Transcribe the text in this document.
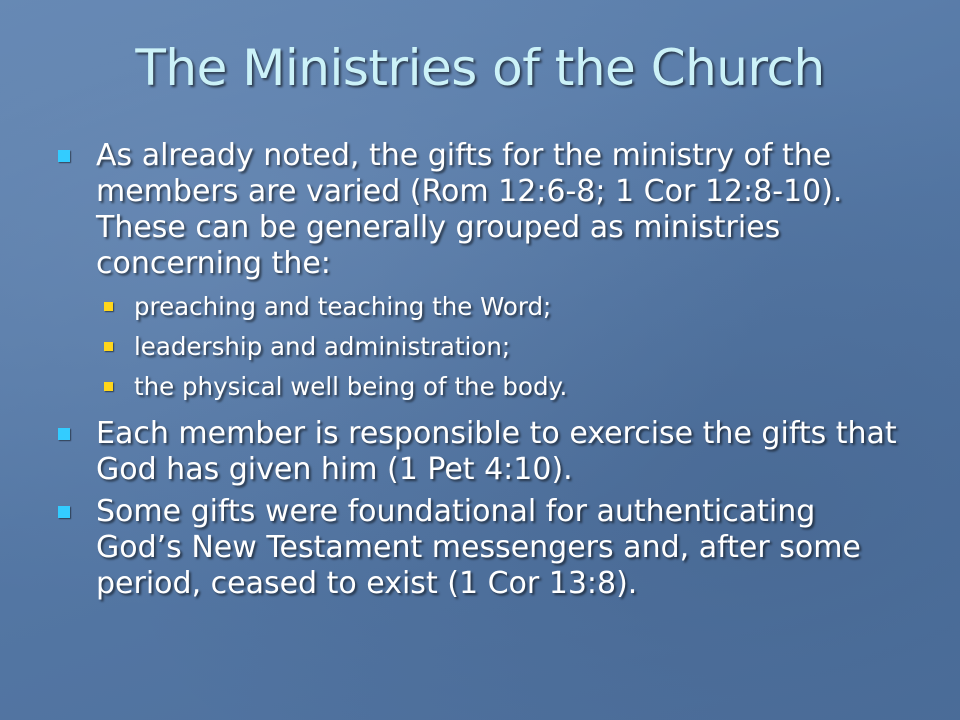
The Ministries of the Church
As already noted, the gifts for the ministry of the members are varied (Rom 12:6-8; 1 Cor 12:8-10). These can be generally grouped as ministries concerning the:
preaching and teaching the Word;
leadership and administration;
the physical well being of the body.
Each member is responsible to exercise the gifts that God has given him (1 Pet 4:10).
Some gifts were foundational for authenticating God’s New Testament messengers and, after some period, ceased to exist (1 Cor 13:8).
